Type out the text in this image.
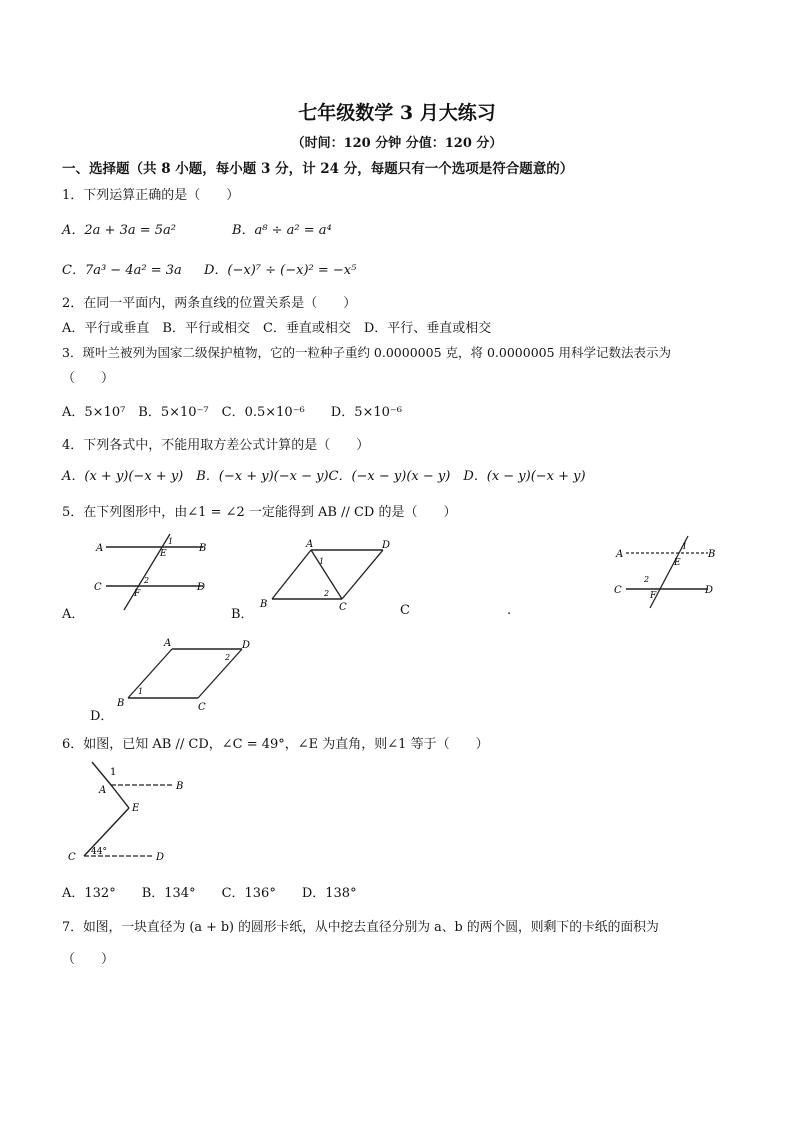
七年级数学 3 月大练习
（时间：120 分钟 分值：120 分）
一、选择题（共 8 小题，每小题 3 分，计 24 分，每题只有一个选项是符合题意的）
1．下列运算正确的是（　　）
A．2a + 3a = 5a²	B．a⁸ ÷ a² = a⁴
C．7a³ − 4a² = 3a D．(−x)⁷ ÷ (−x)² = −x⁵
2．在同一平面内，两条直线的位置关系是（　　）
A．平行或垂直　B．平行或相交　C．垂直或相交　D．平行、垂直或相交
3．斑叶兰被列为国家二级保护植物，它的一粒种子重约 0.0000005 克，将 0.0000005 用科学记数法表示为
（　　）
A．5×10⁷　B．5×10⁻⁷　C．0.5×10⁻⁶　　D．5×10⁻⁶
4．下列各式中，不能用取方差公式计算的是（　　）
A．(x + y)(−x + y)　B．(−x + y)(−x − y)C．(−x − y)(x − y)　D．(x − y)(−x + y)
5．在下列图形中，由∠1 = ∠2 一定能得到 AB // CD 的是（　　）
A．	B．	C	.
D．
A	B
C	D
E
F
1
2
A	D
B	C
1
2
A	B
C	D
E
F
1
2
A	D
B	C
1
2
6．如图，已知 AB // CD，∠C = 49°，∠E 为直角，则∠1 等于（　　）
1
A	B
E
C	D
44°
A．132°　　B．134°　　C．136°　　D．138°
7．如图，一块直径为 (a + b) 的圆形卡纸，从中挖去直径分别为 a、b 的两个圆，则剩下的卡纸的面积为
（　　）
